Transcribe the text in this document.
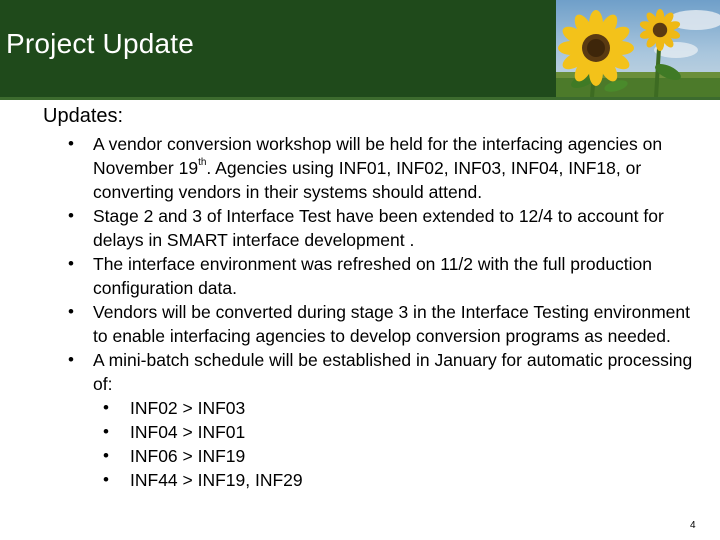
Project Update
Updates:
• A vendor conversion workshop will be held for the interfacing agencies on November 19th. Agencies using INF01, INF02, INF03, INF04, INF18, or converting vendors in their systems should attend.
• Stage 2 and 3 of Interface Test have been extended to 12/4 to account for delays in SMART interface development .
• The interface environment was refreshed on 11/2 with the full production configuration data.
• Vendors will be converted during stage 3 in the Interface Testing environment to enable interfacing agencies to develop conversion programs as needed.
• A mini-batch schedule will be established in January for automatic processing of:
• INF02 > INF03
• INF04 > INF01
• INF06 > INF19
• INF44 > INF19, INF29
4
